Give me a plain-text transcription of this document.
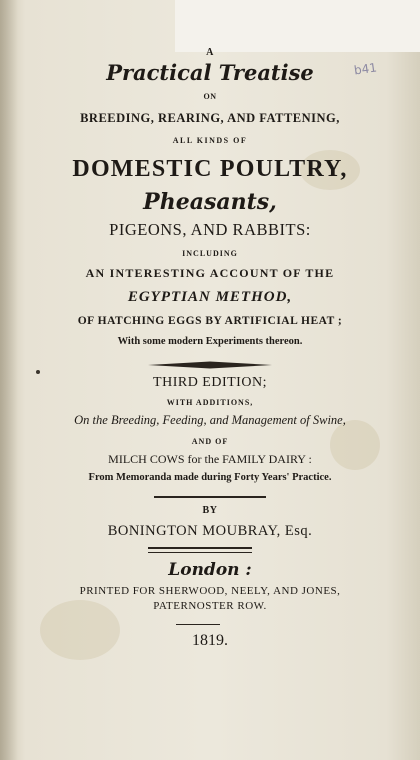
b41
A
Practical Treatise
ON
BREEDING, REARING, AND FATTENING,
ALL KINDS OF
DOMESTIC POULTRY,
Pheasants,
PIGEONS, AND RABBITS:
INCLUDING
AN INTERESTING ACCOUNT OF THE
EGYPTIAN METHOD,
OF HATCHING EGGS BY ARTIFICIAL HEAT ;
With some modern Experiments thereon.
THIRD EDITION;
WITH ADDITIONS,
On the Breeding, Feeding, and Management of Swine,
AND OF
MILCH COWS for the FAMILY DAIRY :
From Memoranda made during Forty Years' Practice.
BY
BONINGTON MOUBRAY, Esq.
London :
PRINTED FOR SHERWOOD, NEELY, AND JONES,
PATERNOSTER ROW.
1819.
